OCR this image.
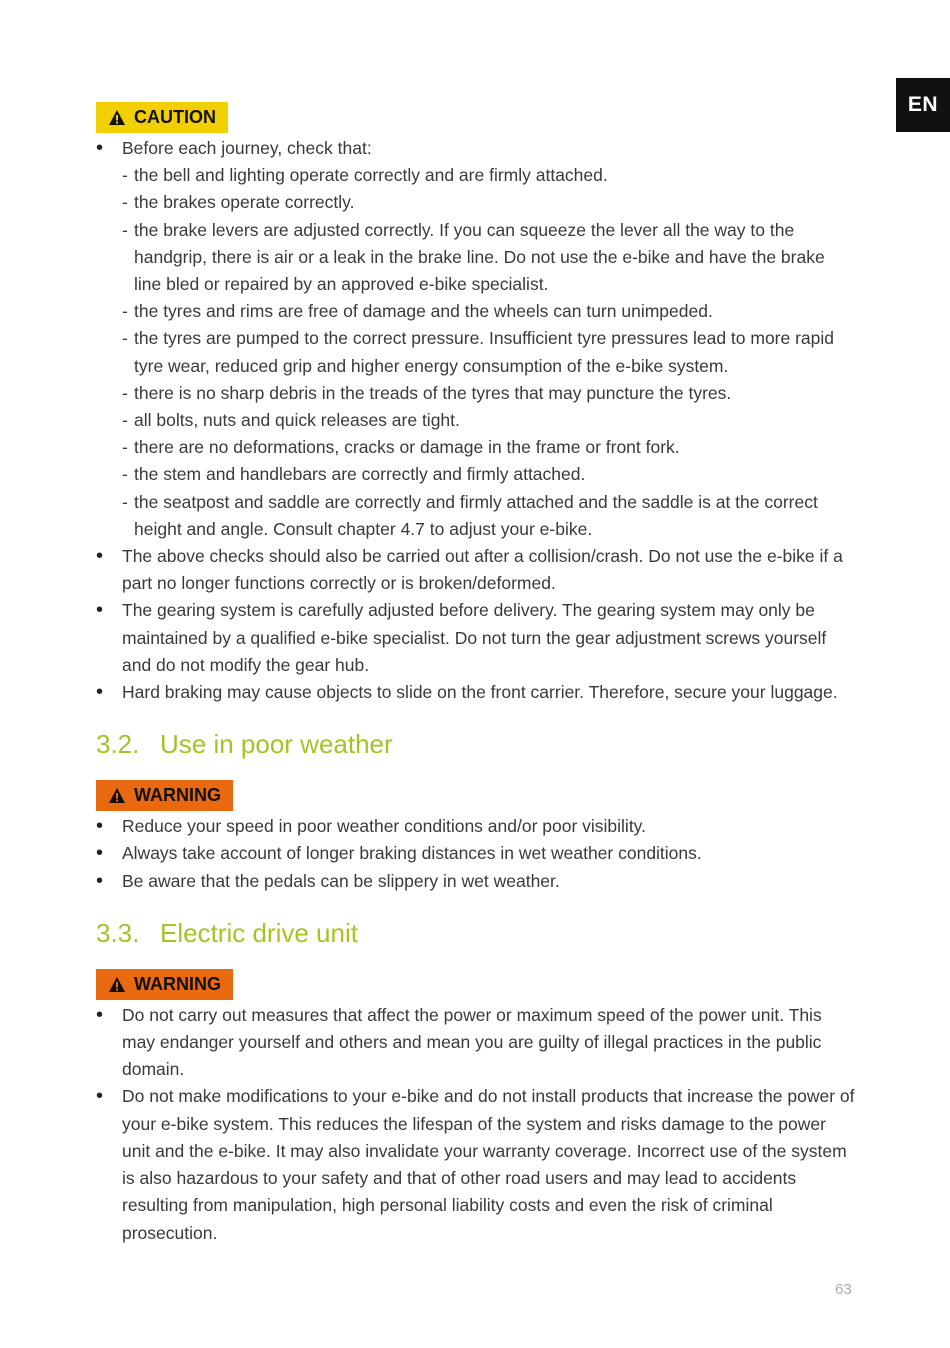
EN
CAUTION
• Before each journey, check that:
- the bell and lighting operate correctly and are firmly attached.
- the brakes operate correctly.
- the brake levers are adjusted correctly. If you can squeeze the lever all the way to the handgrip, there is air or a leak in the brake line. Do not use the e-bike and have the brake line bled or repaired by an approved e-bike specialist.
- the tyres and rims are free of damage and the wheels can turn unimpeded.
- the tyres are pumped to the correct pressure. Insufficient tyre pressures lead to more rapid tyre wear, reduced grip and higher energy consumption of the e-bike system.
- there is no sharp debris in the treads of the tyres that may puncture the tyres.
- all bolts, nuts and quick releases are tight.
- there are no deformations, cracks or damage in the frame or front fork.
- the stem and handlebars are correctly and firmly attached.
- the seatpost and saddle are correctly and firmly attached and the saddle is at the correct height and angle. Consult chapter 4.7 to adjust your e-bike.
• The above checks should also be carried out after a collision/crash. Do not use the e-bike if a part no longer functions correctly or is broken/deformed.
• The gearing system is carefully adjusted before delivery. The gearing system may only be maintained by a qualified e-bike specialist. Do not turn the gear adjustment screws yourself and do not modify the gear hub.
• Hard braking may cause objects to slide on the front carrier. Therefore, secure your luggage.
3.2. Use in poor weather
WARNING
• Reduce your speed in poor weather conditions and/or poor visibility.
• Always take account of longer braking distances in wet weather conditions.
• Be aware that the pedals can be slippery in wet weather.
3.3. Electric drive unit
WARNING
• Do not carry out measures that affect the power or maximum speed of the power unit. This may endanger yourself and others and mean you are guilty of illegal practices in the public domain.
• Do not make modifications to your e-bike and do not install products that increase the power of your e-bike system. This reduces the lifespan of the system and risks damage to the power unit and the e-bike. It may also invalidate your warranty coverage. Incorrect use of the system is also hazardous to your safety and that of other road users and may lead to accidents resulting from manipulation, high personal liability costs and even the risk of criminal prosecution.
63
